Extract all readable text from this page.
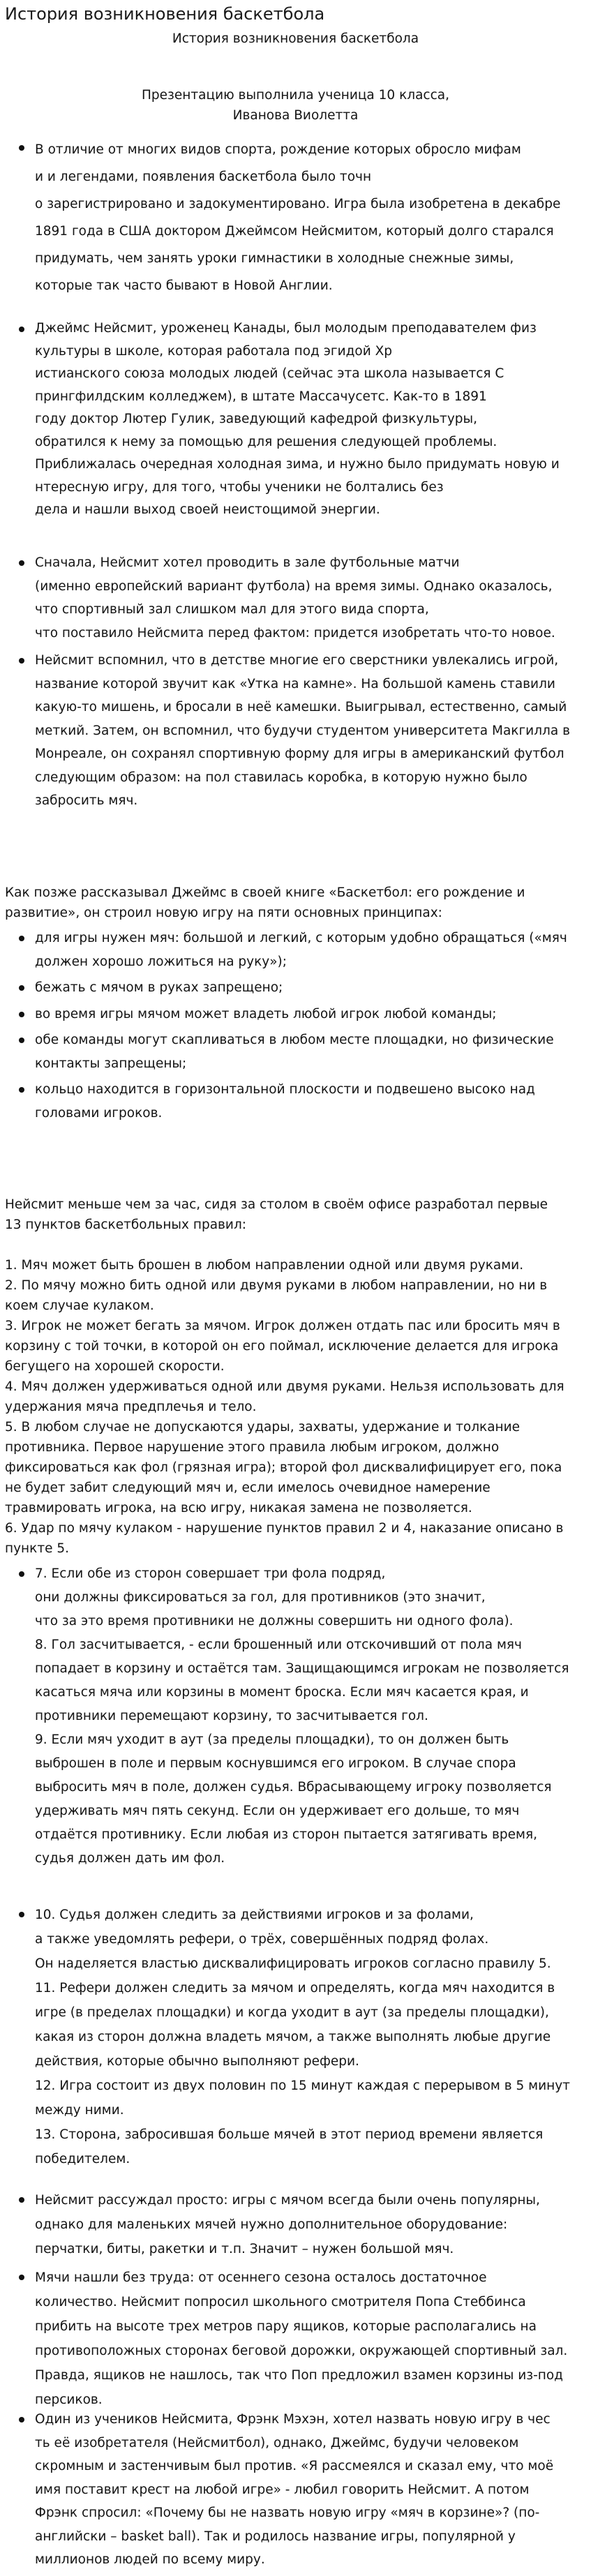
История возникновения баскетбола
История возникновения баскетбола
Презентацию выполнила ученица 10 класса,
Иванова Виолетта
В отличие от многих видов спорта, рождение которых обросло мифам
и и легендами, появления баскетбола было точн
о зарегистрировано и задокументировано. Игра была изобретена в декабре
1891 года в США доктором Джеймсом Нейсмитом, который долго старался
придумать, чем занять уроки гимнастики в холодные снежные зимы,
которые так часто бывают в Новой Англии.
Джеймс Нейсмит, уроженец Канады, был молодым преподавателем физ
культуры в школе, которая работала под эгидой Хр
истианского союза молодых людей (сейчас эта школа называется С
прингфилдским колледжем), в штате Массачусетс. Как-то в 1891
году доктор Лютер Гулик, заведующий кафедрой физкультуры,
обратился к нему за помощью для решения следующей проблемы.
Приближалась очередная холодная зима, и нужно было придумать новую и
нтересную игру, для того, чтобы ученики не болтались без
дела и нашли выход своей неистощимой энергии.
Сначала, Нейсмит хотел проводить в зале футбольные матчи
(именно европейский вариант футбола) на время зимы. Однако оказалось,
что спортивный зал слишком мал для этого вида спорта,
что поставило Нейсмита перед фактом: придется изобретать что-то новое.
Нейсмит вспомнил, что в детстве многие его сверстники увлекались игрой,
название которой звучит как «Утка на камне». На большой камень ставили
какую-то мишень, и бросали в неё камешки. Выигрывал, естественно, самый
меткий. Затем, он вспомнил, что будучи студентом университета Макгилла в
Монреале, он сохранял спортивную форму для игры в американский футбол
следующим образом: на пол ставилась коробка, в которую нужно было
забросить мяч.
Как позже рассказывал Джеймс в своей книге «Баскетбол: его рождение и
развитие», он строил новую игру на пяти основных принципах:
для игры нужен мяч: большой и легкий, с которым удобно обращаться («мяч
должен хорошо ложиться на руку»);
бежать с мячом в руках запрещено;
во время игры мячом может владеть любой игрок любой команды;
обе команды могут скапливаться в любом месте площадки, но физические
контакты запрещены;
кольцо находится в горизонтальной плоскости и подвешено высоко над
головами игроков.
Нейсмит меньше чем за час, сидя за столом в своём офисе разработал первые
13 пунктов баскетбольных правил:
1. Мяч может быть брошен в любом направлении одной или двумя руками.
2. По мячу можно бить одной или двумя руками в любом направлении, но ни в
коем случае кулаком.
3. Игрок не может бегать за мячом. Игрок должен отдать пас или бросить мяч в
корзину с той точки, в которой он его поймал, исключение делается для игрока
бегущего на хорошей скорости.
4. Мяч должен удерживаться одной или двумя руками. Нельзя использовать для
удержания мяча предплечья и тело.
5. В любом случае не допускаются удары, захваты, удержание и толкание
противника. Первое нарушение этого правила любым игроком, должно
фиксироваться как фол (грязная игра); второй фол дисквалифицирует его, пока
не будет забит следующий мяч и, если имелось очевидное намерение
травмировать игрока, на всю игру, никакая замена не позволяется.
6. Удар по мячу кулаком - нарушение пунктов правил 2 и 4, наказание описано в
пункте 5.
7. Если обе из сторон совершает три фола подряд,
они должны фиксироваться за гол, для противников (это значит,
что за это время противники не должны совершить ни одного фола).
8. Гол засчитывается, - если брошенный или отскочивший от пола мяч
попадает в корзину и остаётся там. Защищающимся игрокам не позволяется
касаться мяча или корзины в момент броска. Если мяч касается края, и
противники перемещают корзину, то засчитывается гол.
9. Если мяч уходит в аут (за пределы площадки), то он должен быть
выброшен в поле и первым коснувшимся его игроком. В случае спора
выбросить мяч в поле, должен судья. Вбрасывающему игроку позволяется
удерживать мяч пять секунд. Если он удерживает его дольше, то мяч
отдаётся противнику. Если любая из сторон пытается затягивать время,
судья должен дать им фол.
10. Судья должен следить за действиями игроков и за фолами,
а также уведомлять рефери, о трёх, совершённых подряд фолах.
Он наделяется властью дисквалифицировать игроков согласно правилу 5.
11. Рефери должен следить за мячом и определять, когда мяч находится в
игре (в пределах площадки) и когда уходит в аут (за пределы площадки),
какая из сторон должна владеть мячом, а также выполнять любые другие
действия, которые обычно выполняют рефери.
12. Игра состоит из двух половин по 15 минут каждая с перерывом в 5 минут
между ними.
13. Сторона, забросившая больше мячей в этот период времени является
победителем.
Нейсмит рассуждал просто: игры с мячом всегда были очень популярны,
однако для маленьких мячей нужно дополнительное оборудование:
перчатки, биты, ракетки и т.п. Значит – нужен большой мяч.
Мячи нашли без труда: от осеннего сезона осталось достаточное
количество. Нейсмит попросил школьного смотрителя Попа Стеббинса
прибить на высоте трех метров пару ящиков, которые располагались на
противоположных сторонах беговой дорожки, окружающей спортивный зал.
Правда, ящиков не нашлось, так что Поп предложил взамен корзины из-под
персиков.
Один из учеников Нейсмита, Фрэнк Мэхэн, хотел назвать новую игру в чес
ть её изобретателя (Нейсмитбол), однако, Джеймс, будучи человеком
скромным и застенчивым был против. «Я рассмеялся и сказал ему, что моё
имя поставит крест на любой игре» - любил говорить Нейсмит. А потом
Фрэнк спросил: «Почему бы не назвать новую игру «мяч в корзине»? (по-
английски – basket ball). Так и родилось название игры, популярной у
миллионов людей по всему миру.
